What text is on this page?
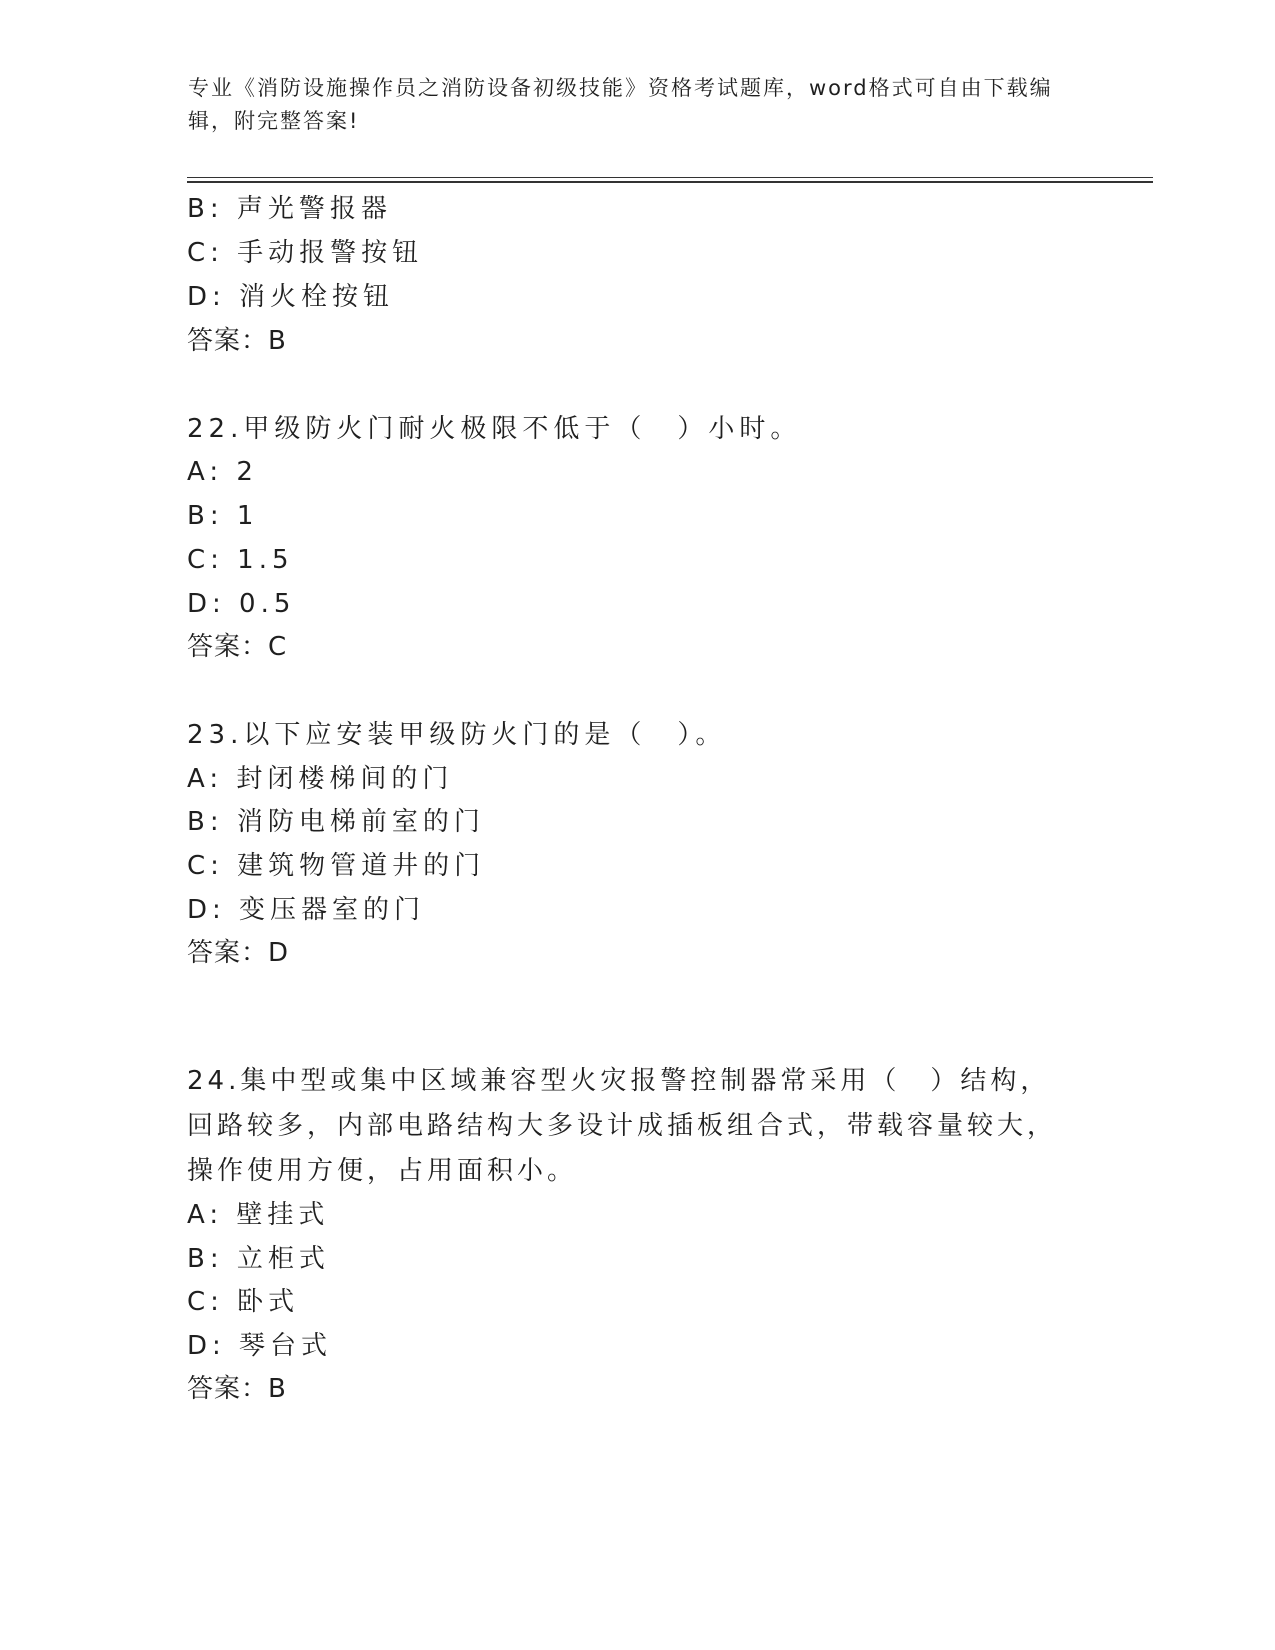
专业《消防设施操作员之消防设备初级技能》资格考试题库，word格式可自由下载编辑，附完整答案!
B: 声光警报器
C: 手动报警按钮
D: 消火栓按钮
答案：B
22.甲级防火门耐火极限不低于（　）小时。
A: 2
B: 1
C: 1.5
D: 0.5
答案：C
23.以下应安装甲级防火门的是（　）。
A: 封闭楼梯间的门
B: 消防电梯前室的门
C: 建筑物管道井的门
D: 变压器室的门
答案：D
24.集中型或集中区域兼容型火灾报警控制器常采用（　）结构，回路较多，内部电路结构大多设计成插板组合式，带载容量较大，操作使用方便，占用面积小。
A: 壁挂式
B: 立柜式
C: 卧式
D: 琴台式
答案：B
